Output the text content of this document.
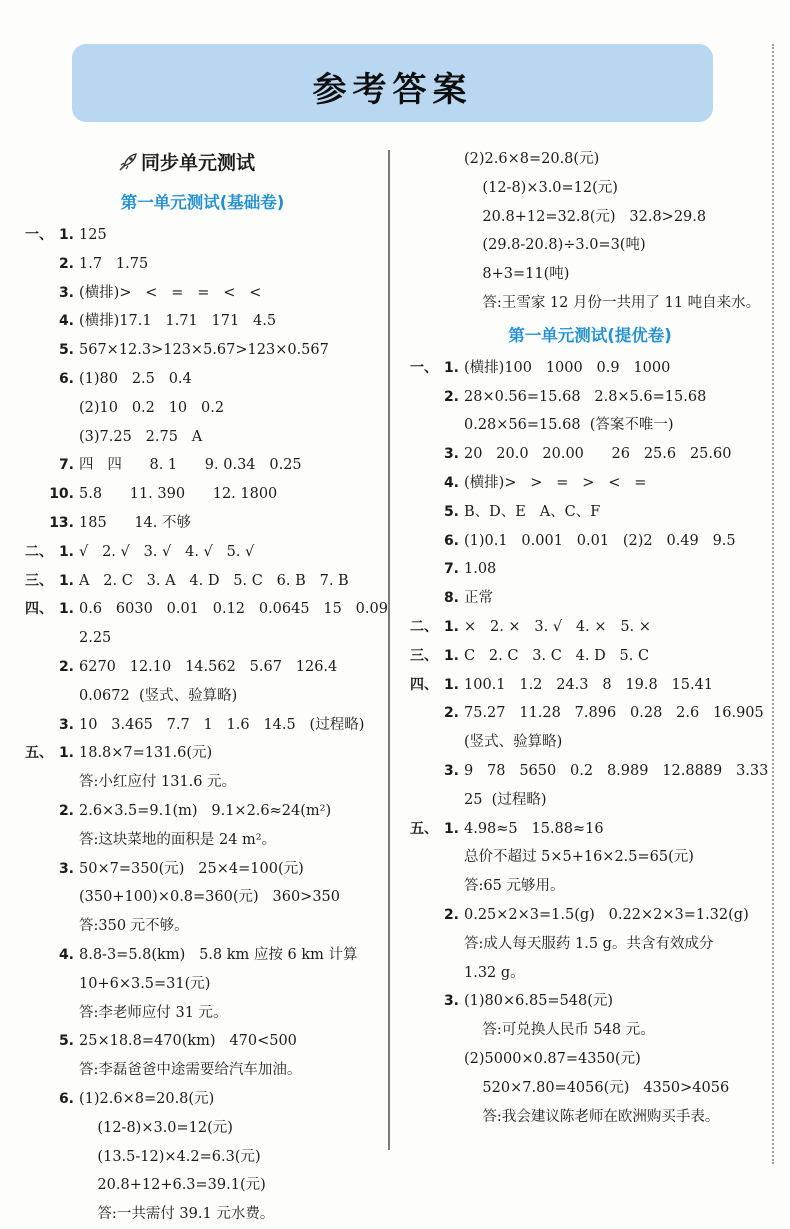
参考答案
同步单元测试
第一单元测试(基础卷)
一、 1. 125
2. 1.7   1.75
3. (横排)>   <   =   =   <   <
4. (横排)17.1   1.71   171   4.5
5. 567×12.3>123×5.67>123×0.567
6. (1)80   2.5   0.4
(2)10   0.2   10   0.2
(3)7.25   2.75   A
7. 四   四      8. 1      9. 0.34   0.25
10. 5.8      11. 390      12. 1800
13. 185      14. 不够
二、 1. √   2. √   3. √   4. √   5. √
三、 1. A   2. C   3. A   4. D   5. C   6. B   7. B
四、 1. 0.6   6030   0.01   0.12   0.0645   15   0.09
2.25
2. 6270   12.10   14.562   5.67   126.4
0.0672  (竖式、验算略)
3. 10   3.465   7.7   1   1.6   14.5   (过程略)
五、 1. 18.8×7=131.6(元)
答:小红应付 131.6 元。
2. 2.6×3.5=9.1(m)   9.1×2.6≈24(m²)
答:这块菜地的面积是 24 m²。
3. 50×7=350(元)   25×4=100(元)
(350+100)×0.8=360(元)   360>350
答:350 元不够。
4. 8.8-3=5.8(km)   5.8 km 应按 6 km 计算
10+6×3.5=31(元)
答:李老师应付 31 元。
5. 25×18.8=470(km)   470<500
答:李磊爸爸中途需要给汽车加油。
6. (1)2.6×8=20.8(元)
(12-8)×3.0=12(元)
(13.5-12)×4.2=6.3(元)
20.8+12+6.3=39.1(元)
答:一共需付 39.1 元水费。
(2)2.6×8=20.8(元)
(12-8)×3.0=12(元)
20.8+12=32.8(元)   32.8>29.8
(29.8-20.8)÷3.0=3(吨)
8+3=11(吨)
答:王雪家 12 月份一共用了 11 吨自来水。
第一单元测试(提优卷)
一、 1. (横排)100   1000   0.9   1000
2. 28×0.56=15.68   2.8×5.6=15.68
0.28×56=15.68  (答案不唯一)
3. 20   20.0   20.00      26   25.6   25.60
4. (横排)>   >   =   >   <   =
5. B、D、E   A、C、F
6. (1)0.1   0.001   0.01   (2)2   0.49   9.5
7. 1.08
8. 正常
二、 1. ×   2. ×   3. √   4. ×   5. ×
三、 1. C   2. C   3. C   4. D   5. C
四、 1. 100.1   1.2   24.3   8   19.8   15.41
2. 75.27   11.28   7.896   0.28   2.6   16.905
(竖式、验算略)
3. 9   78   5650   0.2   8.989   12.8889   3.33
25  (过程略)
五、 1. 4.98≈5   15.88≈16
总价不超过 5×5+16×2.5=65(元)
答:65 元够用。
2. 0.25×2×3=1.5(g)   0.22×2×3=1.32(g)
答:成人每天服药 1.5 g。共含有效成分
1.32 g。
3. (1)80×6.85=548(元)
答:可兑换人民币 548 元。
(2)5000×0.87=4350(元)
520×7.80=4056(元)   4350>4056
答:我会建议陈老师在欧洲购买手表。
